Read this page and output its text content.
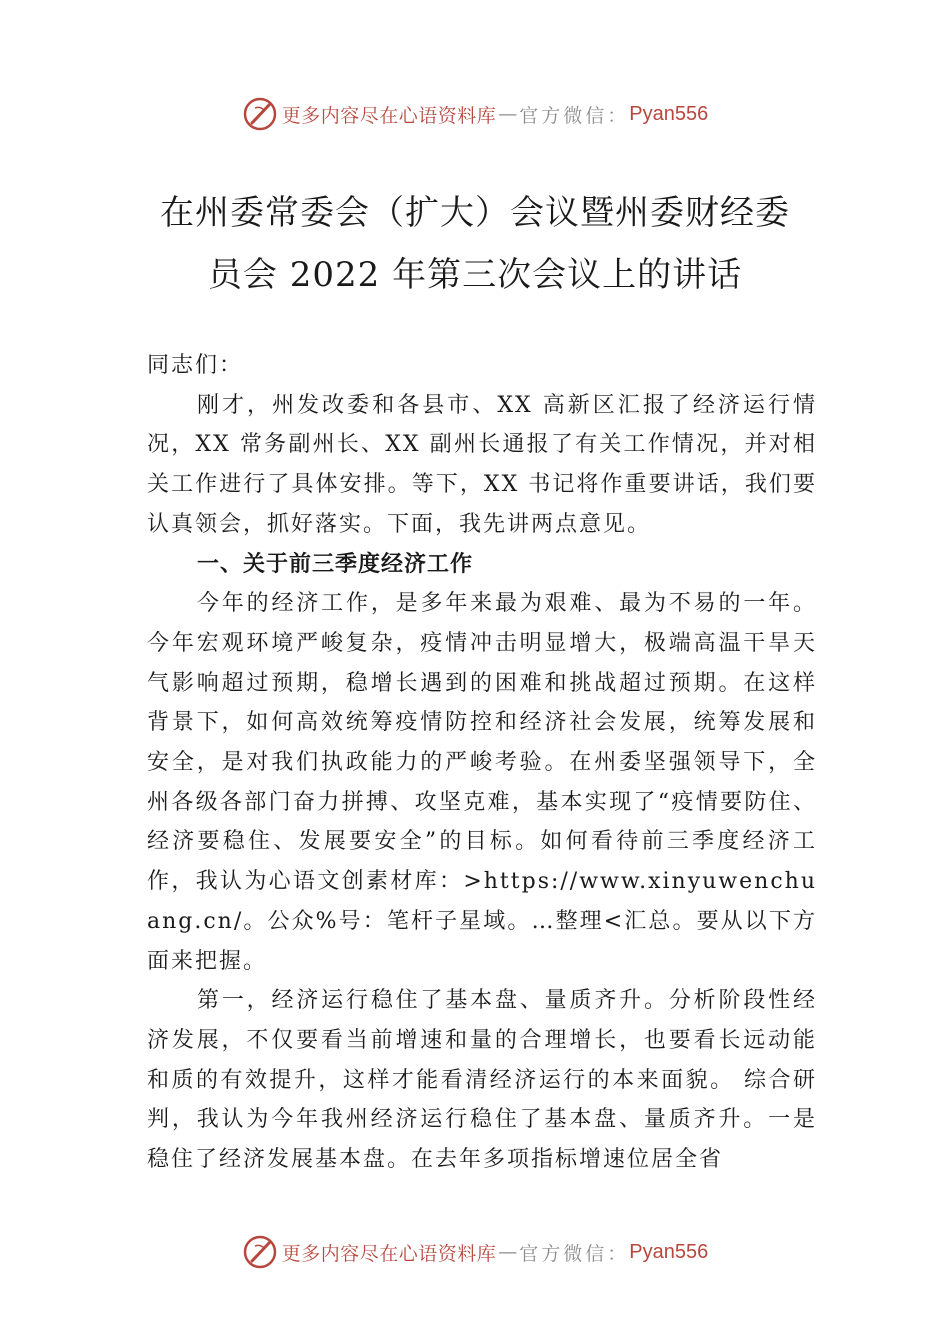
更多内容尽在心语资料库 — 官方微信： Pyan556
在州委常委会（扩大）会议暨州委财经委
员会 2022 年第三次会议上的讲话

同志们：

刚才，州发改委和各县市、XX 高新区汇报了经济运行情况，XX 常务副州长、XX 副州长通报了有关工作情况，并对相关工作进行了具体安排。等下，XX 书记将作重要讲话，我们要认真领会，抓好落实。下面，我先讲两点意见。

一、关于前三季度经济工作

今年的经济工作，是多年来最为艰难、最为不易的一年。今年宏观环境严峻复杂，疫情冲击明显增大，极端高温干旱天气影响超过预期，稳增长遇到的困难和挑战超过预期。在这样背景下，如何高效统筹疫情防控和经济社会发展，统筹发展和安全，是对我们执政能力的严峻考验。在州委坚强领导下，全州各级各部门奋力拼搏、攻坚克难，基本实现了“疫情要防住、经济要稳住、发展要安全”的目标。如何看待前三季度经济工作，我认为心语文创素材库：>https://www.xinyuwenchuang.cn/。公众%号：笔杆子星域。…整理<汇总。要从以下方面来把握。

第一，经济运行稳住了基本盘、量质齐升。分析阶段性经济发展，不仅要看当前增速和量的合理增长，也要看长远动能和质的有效提升，这样才能看清经济运行的本来面貌。 综合研判，我认为今年我州经济运行稳住了基本盘、量质齐升。一是稳住了经济发展基本盘。在去年多项指标增速位居全省

更多内容尽在心语资料库 — 官方微信： Pyan556
